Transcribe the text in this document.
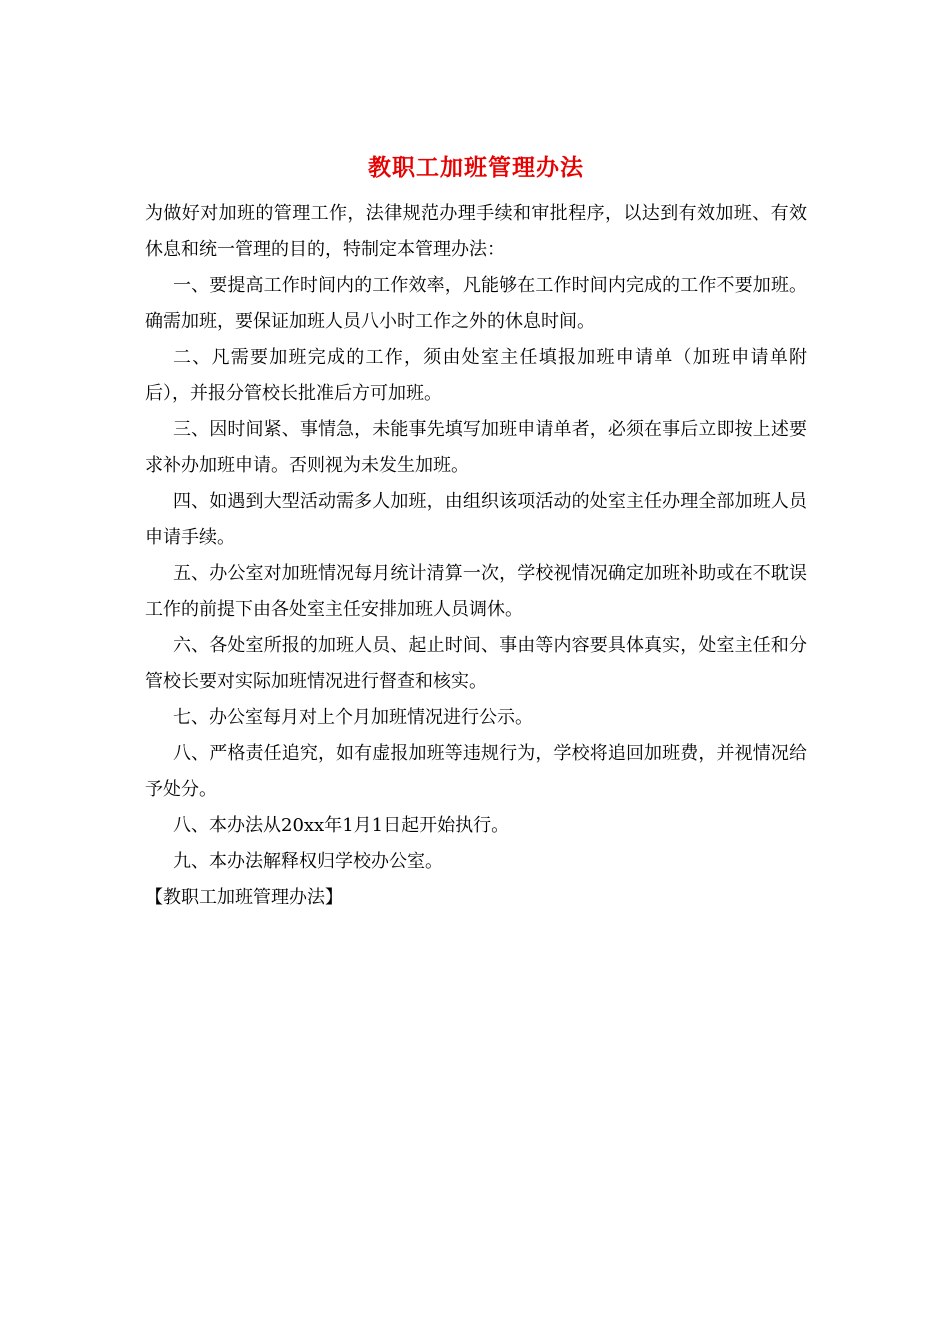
教职工加班管理办法

为做好对加班的管理工作，法律规范办理手续和审批程序，以达到有效加班、有效休息和统一管理的目的，特制定本管理办法：

一、要提高工作时间内的工作效率，凡能够在工作时间内完成的工作不要加班。确需加班，要保证加班人员八小时工作之外的休息时间。

二、凡需要加班完成的工作，须由处室主任填报加班申请单（加班申请单附后），并报分管校长批准后方可加班。

三、因时间紧、事情急，未能事先填写加班申请单者，必须在事后立即按上述要求补办加班申请。否则视为未发生加班。

四、如遇到大型活动需多人加班，由组织该项活动的处室主任办理全部加班人员申请手续。

五、办公室对加班情况每月统计清算一次，学校视情况确定加班补助或在不耽误工作的前提下由各处室主任安排加班人员调休。

六、各处室所报的加班人员、起止时间、事由等内容要具体真实，处室主任和分管校长要对实际加班情况进行督查和核实。

七、办公室每月对上个月加班情况进行公示。

八、严格责任追究，如有虚报加班等违规行为，学校将追回加班费，并视情况给予处分。

八、本办法从20xx年1月1日起开始执行。

九、本办法解释权归学校办公室。

【教职工加班管理办法】
